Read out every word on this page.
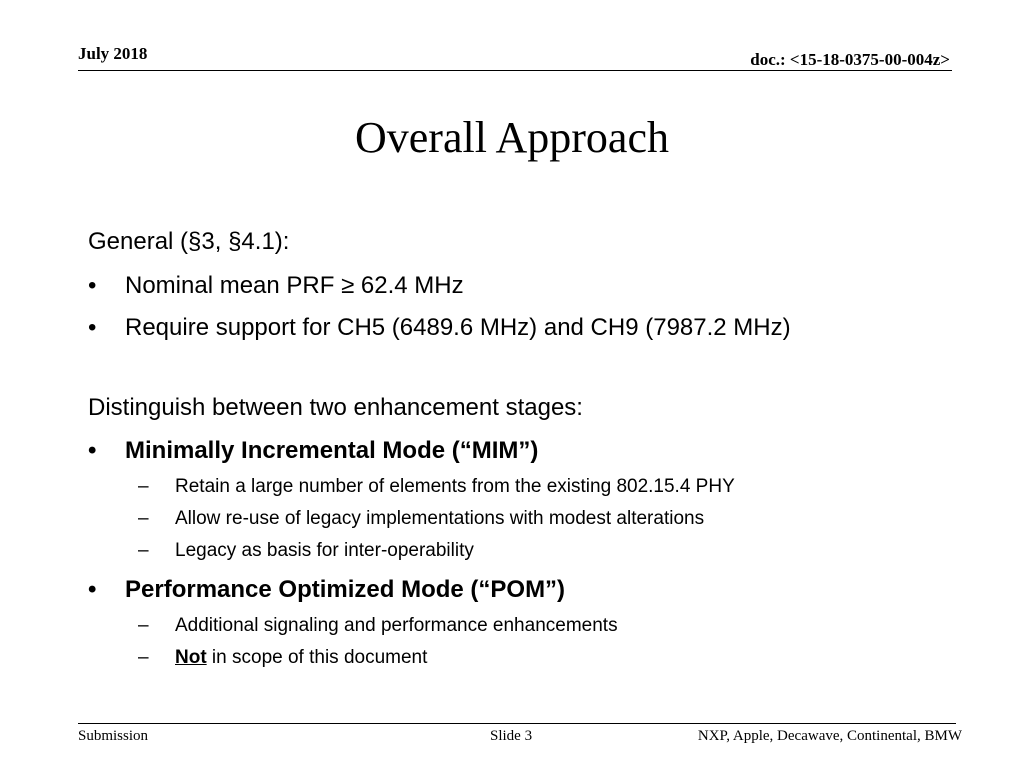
July 2018	doc.: <15-18-0375-00-004z>
Overall Approach
General (§3, §4.1):
• Nominal mean PRF ≥ 62.4 MHz
• Require support for CH5 (6489.6 MHz) and CH9 (7987.2 MHz)
Distinguish between two enhancement stages:
• Minimally Incremental Mode (“MIM”)
– Retain a large number of elements from the existing 802.15.4 PHY
– Allow re-use of legacy implementations with modest alterations
– Legacy as basis for inter-operability
• Performance Optimized Mode (“POM”)
– Additional signaling and performance enhancements
– Not in scope of this document
Submission	Slide 3	NXP, Apple, Decawave, Continental, BMW
